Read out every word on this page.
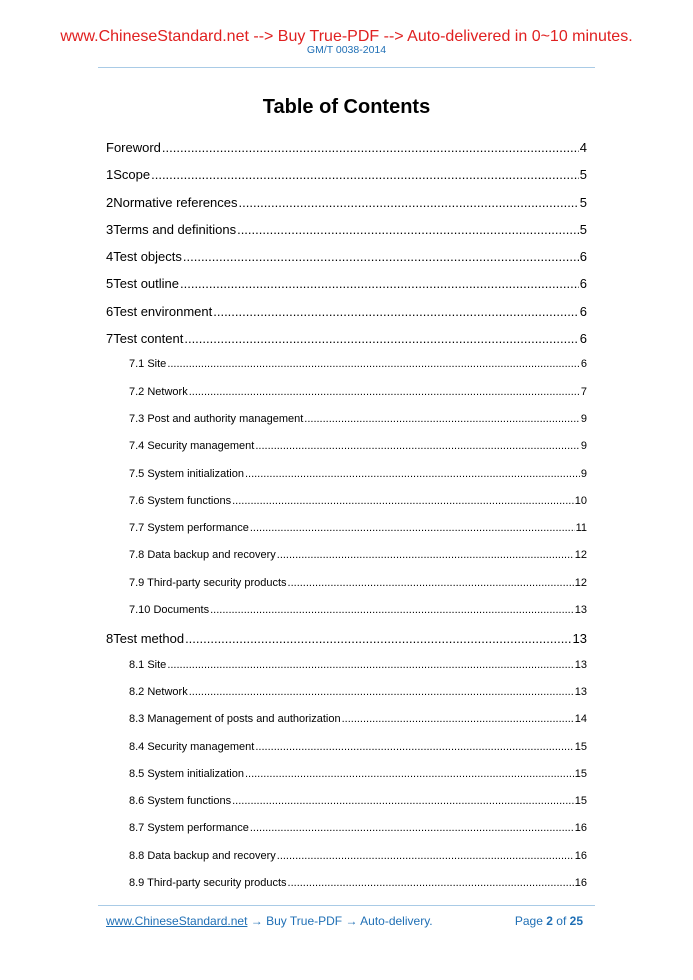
www.ChineseStandard.net --> Buy True-PDF --> Auto-delivered in 0~10 minutes.
GM/T 0038-2014
Table of Contents
Foreword .....	4
1 Scope .....	5
2 Normative references .....	5
3 Terms and definitions .....	5
4 Test objects .....	6
5 Test outline .....	6
6 Test environment .....	6
7 Test content .....	6
7.1 Site .....	6
7.2 Network .....	7
7.3 Post and authority management .....	9
7.4 Security management .....	9
7.5 System initialization .....	9
7.6 System functions .....	10
7.7 System performance .....	11
7.8 Data backup and recovery .....	12
7.9 Third-party security products .....	12
7.10 Documents .....	13
8 Test method .....	13
8.1 Site .....	13
8.2 Network .....	13
8.3 Management of posts and authorization .....	14
8.4 Security management .....	15
8.5 System initialization .....	15
8.6 System functions .....	15
8.7 System performance .....	16
8.8 Data backup and recovery .....	16
8.9 Third-party security products .....	16
www.ChineseStandard.net → Buy True-PDF → Auto-delivery.	Page 2 of 25
